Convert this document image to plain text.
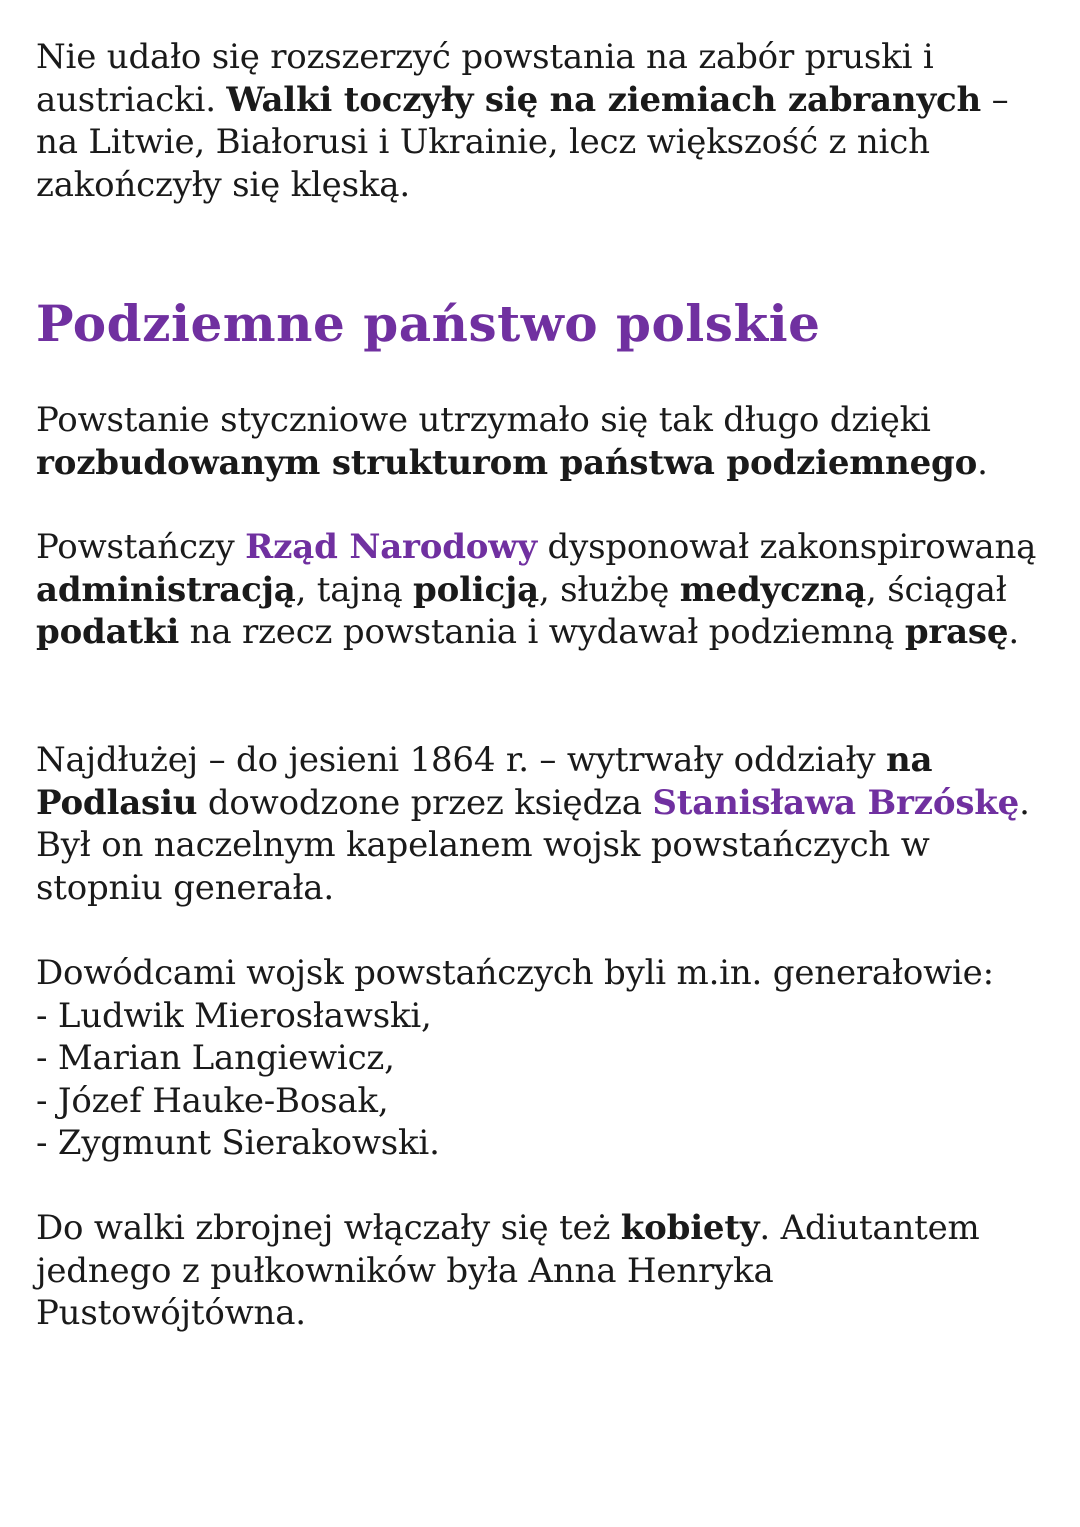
Nie udało się rozszerzyć powstania na zabór pruski i austriacki. Walki toczyły się na ziemiach zabranych – na Litwie, Białorusi i Ukrainie, lecz większość z nich zakończyły się klęską.

Podziemne państwo polskie

Powstanie styczniowe utrzymało się tak długo dzięki rozbudowanym strukturom państwa podziemnego.

Powstańczy Rząd Narodowy dysponował zakonspirowaną administracją, tajną policją, służbę medyczną, ściągał podatki na rzecz powstania i wydawał podziemną prasę.

Najdłużej – do jesieni 1864 r. – wytrwały oddziały na Podlasiu dowodzone przez księdza Stanisława Brzóskę. Był on naczelnym kapelanem wojsk powstańczych w stopniu generała.

Dowódcami wojsk powstańczych byli m.in. generałowie:
- Ludwik Mierosławski,
- Marian Langiewicz,
- Józef Hauke-Bosak,
- Zygmunt Sierakowski.

Do walki zbrojnej włączały się też kobiety. Adiutantem jednego z pułkowników była Anna Henryka Pustowójtówna.
